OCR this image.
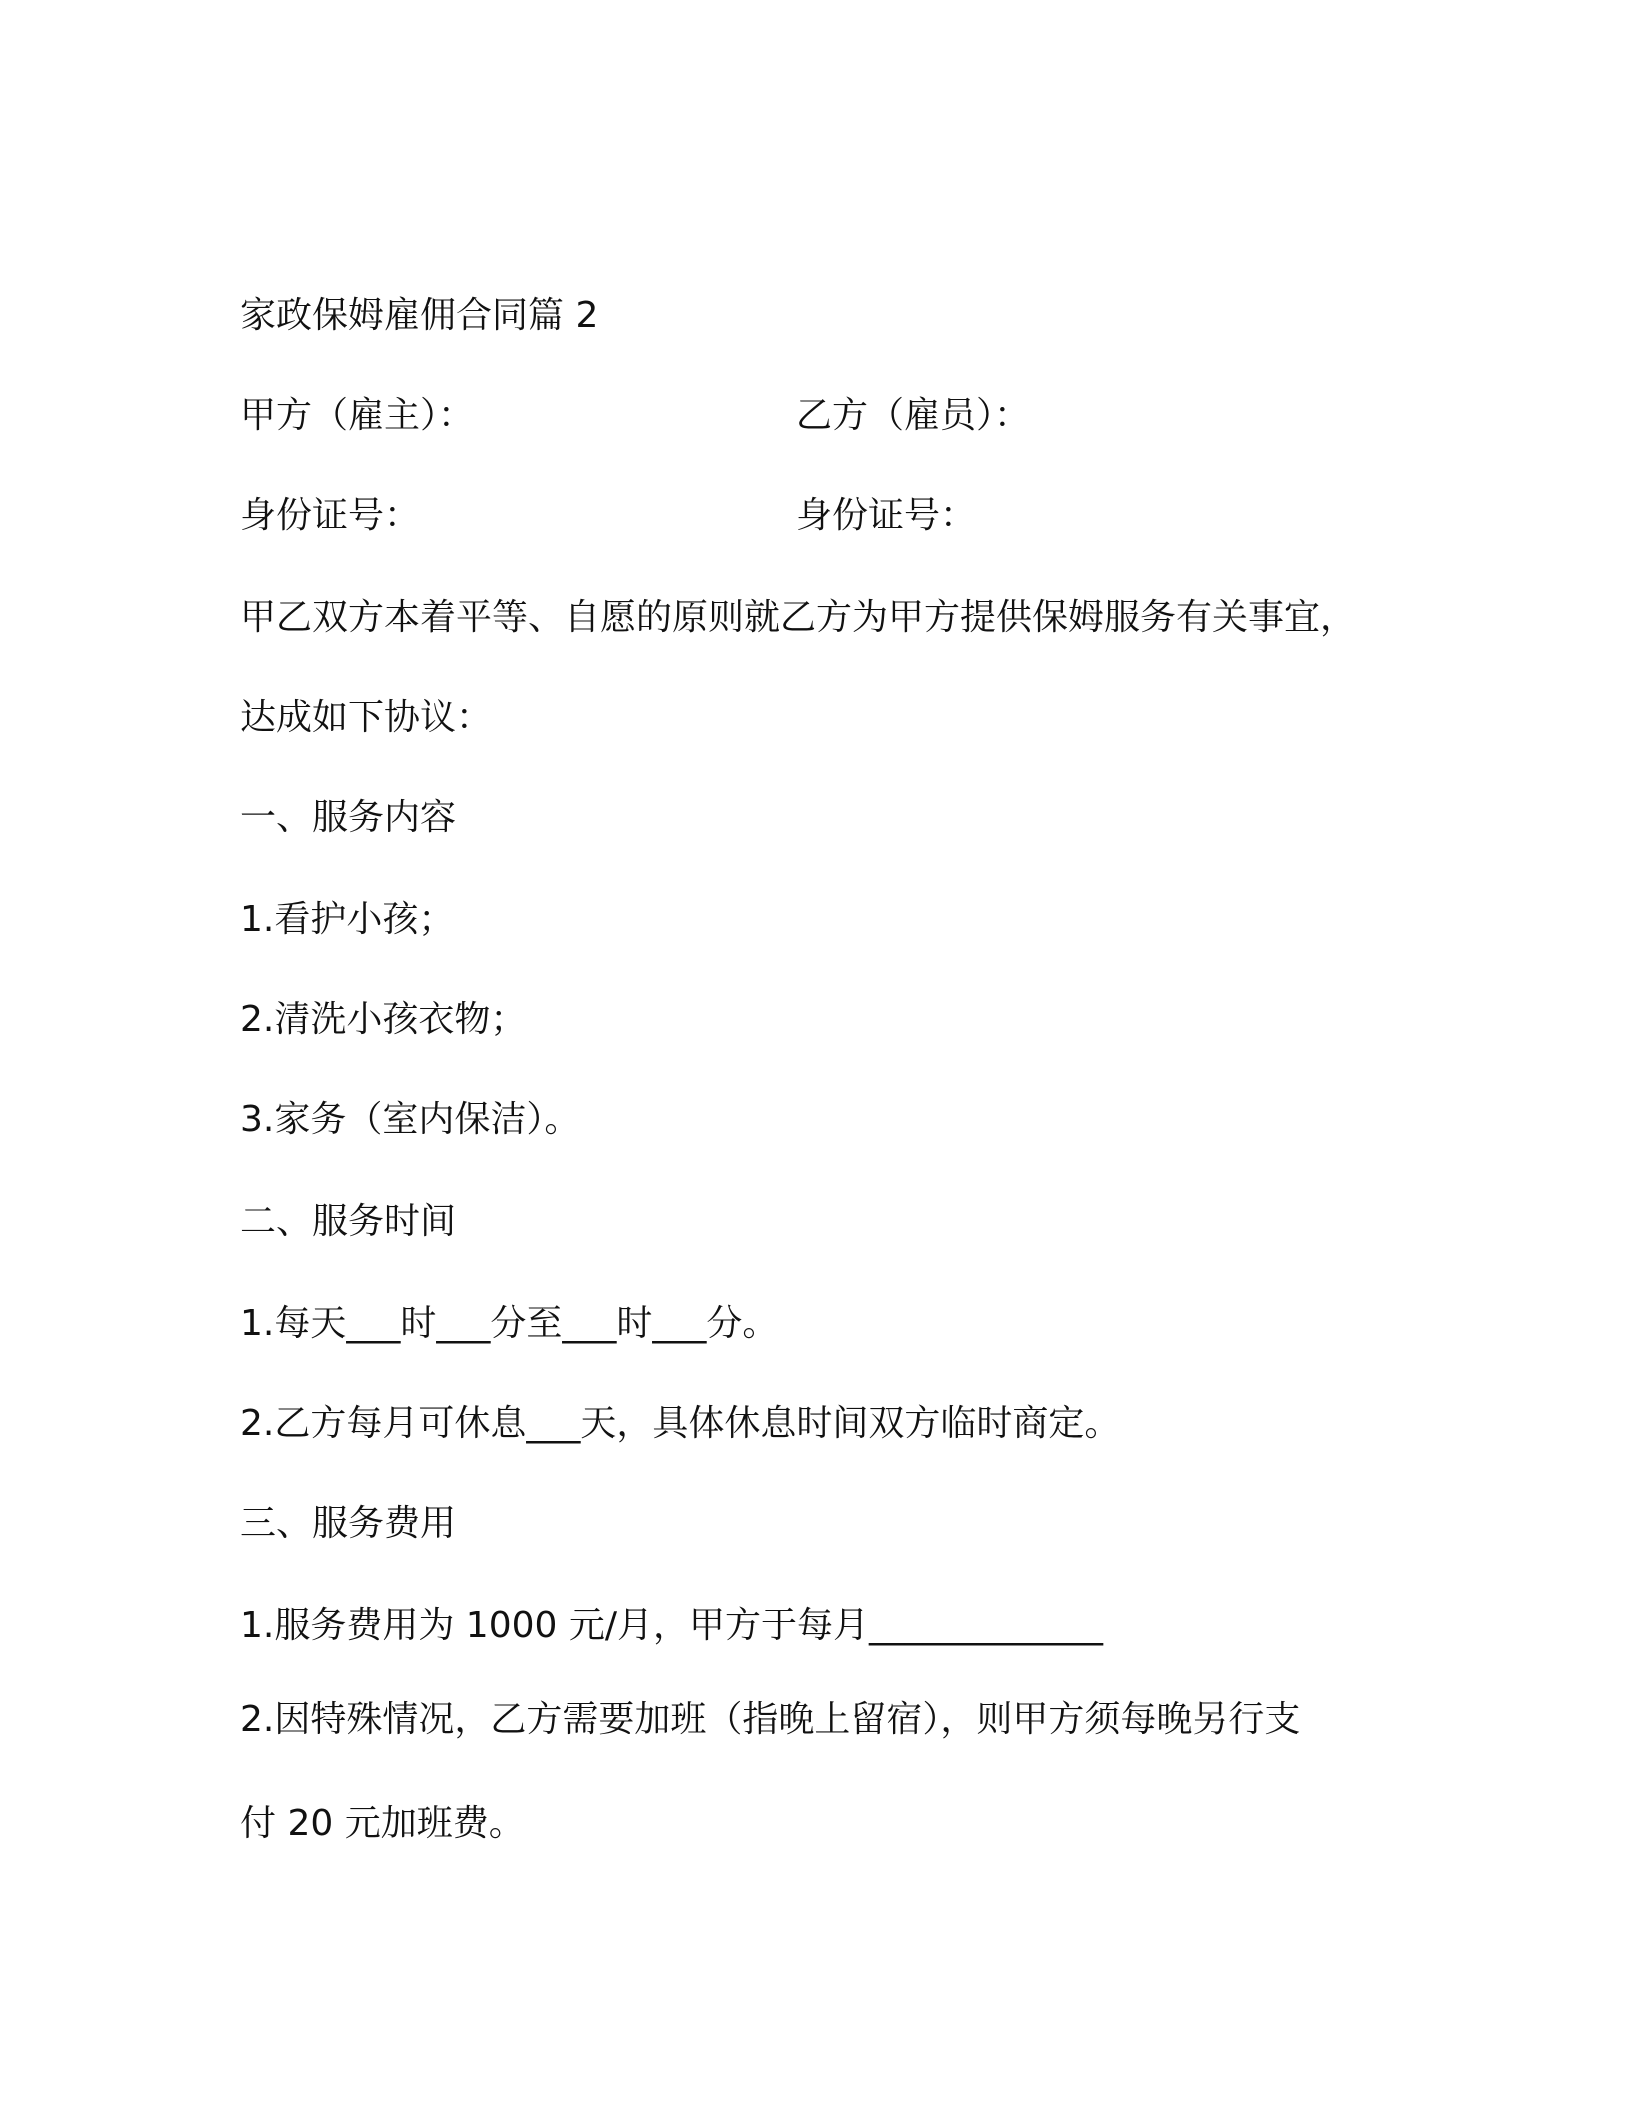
家政保姆雇佣合同篇 2
甲方（雇主）：	乙方（雇员）：
身份证号：	身份证号：
甲乙双方本着平等、自愿的原则就乙方为甲方提供保姆服务有关事宜，
达成如下协议：
一、服务内容
1.看护小孩；
2.清洗小孩衣物；
3.家务（室内保洁）。
二、服务时间
1.每天___时___分至___时___分。
2.乙方每月可休息___天，具体休息时间双方临时商定。
三、服务费用
1.服务费用为 1000 元/月，甲方于每月_____________
2.因特殊情况，乙方需要加班（指晚上留宿），则甲方须每晚另行支
付 20 元加班费。
